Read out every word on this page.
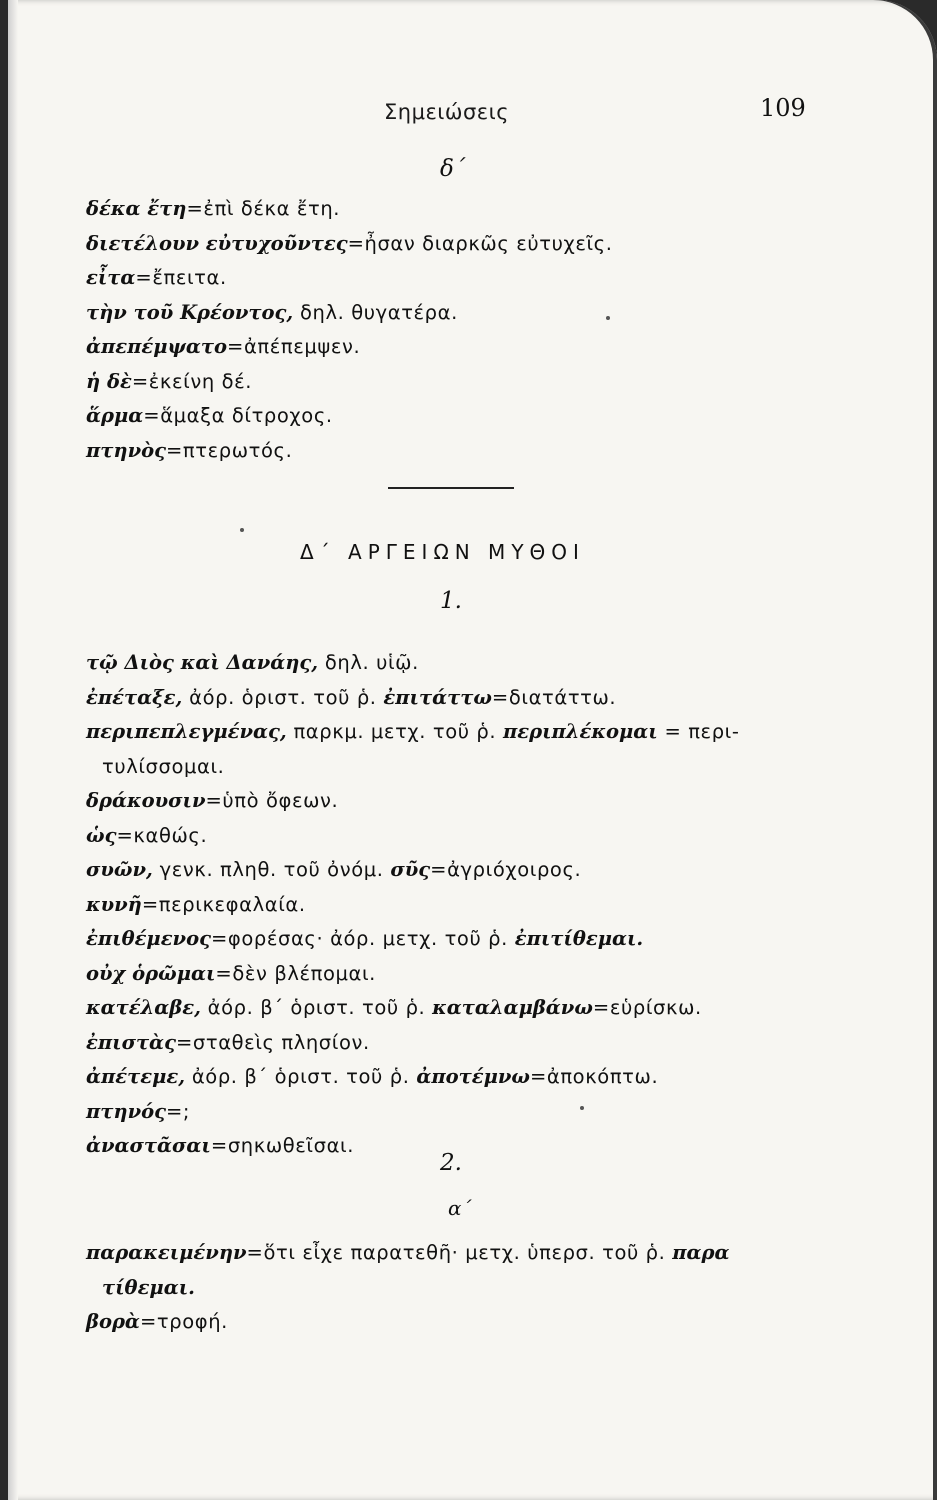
Σημειώσεις	109
δ΄
δέκα ἔτη=ἐπὶ δέκα ἔτη.
διετέλουν εὐτυχοῦντες=ἦσαν διαρκῶς εὐτυχεῖς.
εἶτα=ἔπειτα.
τὴν τοῦ Κρέοντος, δηλ. θυγατέρα.
ἀπεπέμψατο=ἀπέπεμψεν.
ἡ δὲ=ἐκείνη δέ.
ἅρμα=ἅμαξα δίτροχος.
πτηνὸς=πτερωτός.
Δ΄ ΑΡΓΕΙΩΝ ΜΥΘΟΙ
1.
τῷ Διὸς καὶ Δανάης, δηλ. υἱῷ.
ἐπέταξε, ἀόρ. ὁριστ. τοῦ ῥ. ἐπιτάττω=διατάττω.
περιπεπλεγμένας, παρκμ. μετχ. τοῦ ῥ. περιπλέκομαι = περι-
τυλίσσομαι.
δράκουσιν=ὑπὸ ὄφεων.
ὡς=καθώς.
συῶν, γενκ. πληθ. τοῦ ὀνόμ. σῦς=ἀγριόχοιρος.
κυνῆ=περικεφαλαία.
ἐπιθέμενος=φορέσας· ἀόρ. μετχ. τοῦ ῥ. ἐπιτίθεμαι.
οὐχ ὁρῶμαι=δὲν βλέπομαι.
κατέλαβε, ἀόρ. β΄ ὁριστ. τοῦ ῥ. καταλαμβάνω=εὑρίσκω.
ἐπιστὰς=σταθεὶς πλησίον.
ἀπέτεμε, ἀόρ. β΄ ὁριστ. τοῦ ῥ. ἀποτέμνω=ἀποκόπτω.
πτηνός=;
ἀναστᾶσαι=σηκωθεῖσαι.
2.
α΄
παρακειμένην=ὅτι εἶχε παρατεθῆ· μετχ. ὑπερσ. τοῦ ῥ. παρα
τίθεμαι.
βορὰ=τροφή.
